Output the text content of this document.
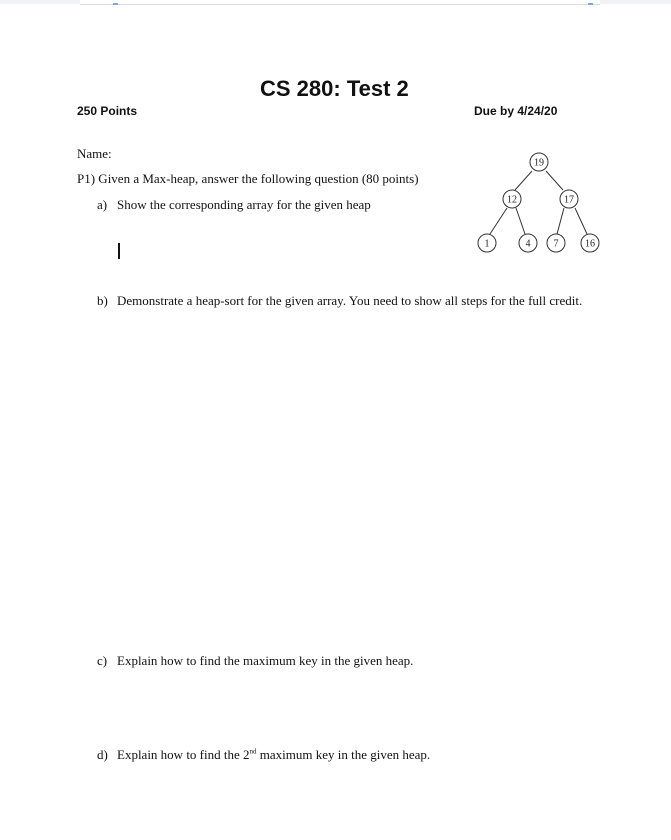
CS 280: Test 2
250 Points	Due by 4/24/20
Name:
P1) Given a Max-heap, answer the following question (80 points)
a) Show the corresponding array for the given heap
b) Demonstrate a heap-sort for the given array. You need to show all steps for the full credit.
c) Explain how to find the maximum key in the given heap.
d) Explain how to find the 2nd maximum key in the given heap.
19
12	17
1	4 7	16
